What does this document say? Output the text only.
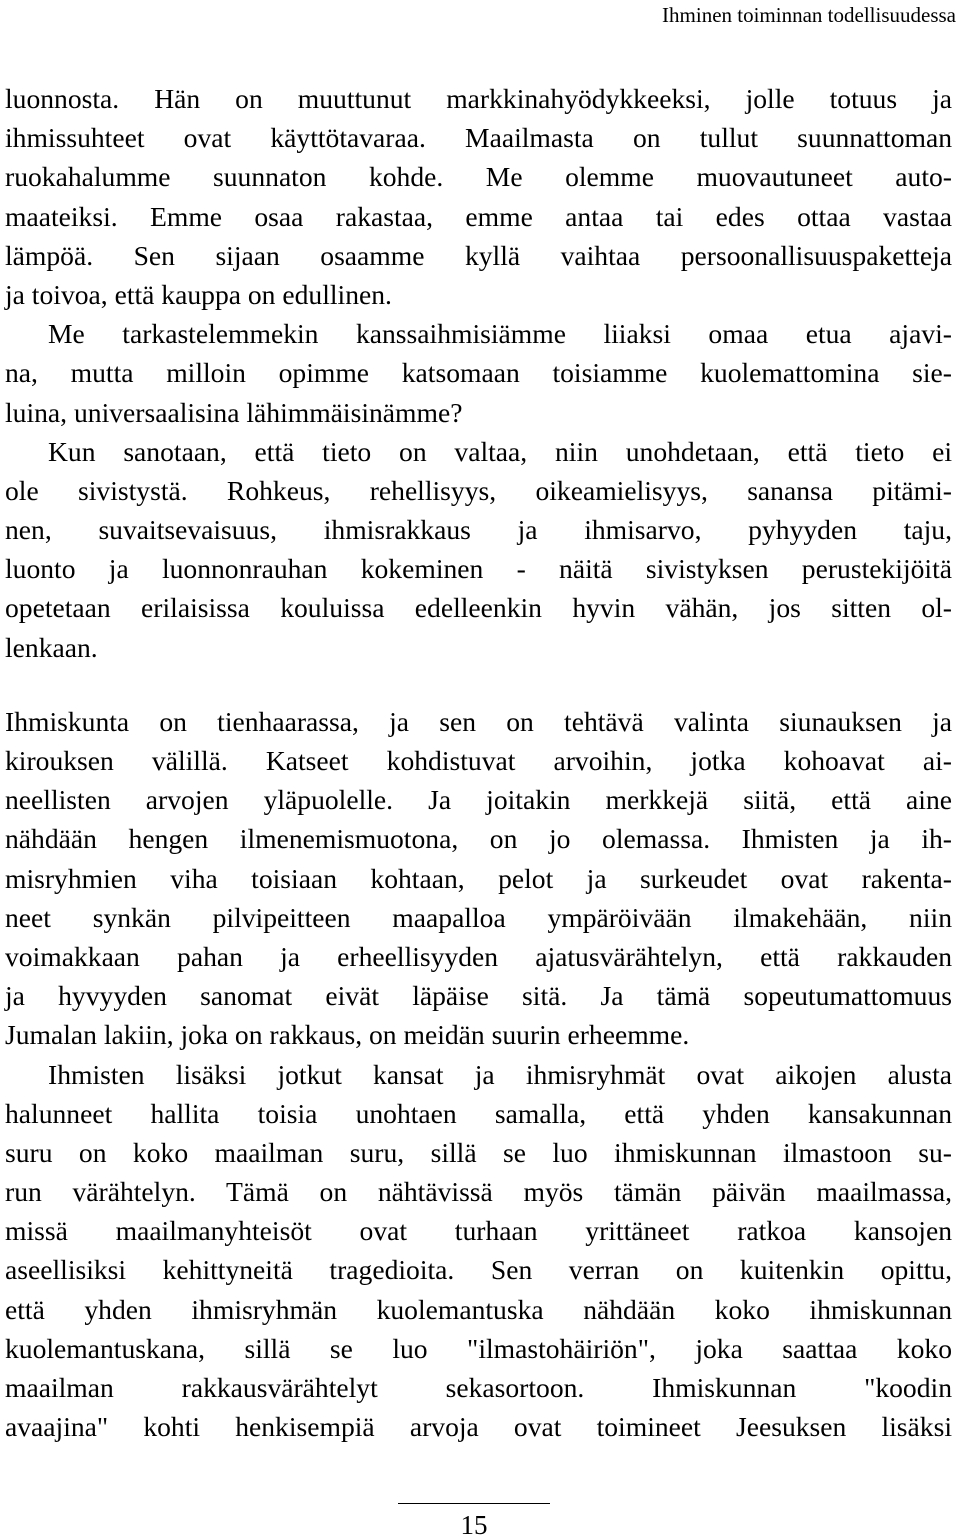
Ihminen toiminnan todellisuudessa
luonnosta. Hän on muuttunut markkinahyödykkeeksi, jolle totuus ja
ihmissuhteet ovat käyttötavaraa. Maailmasta on tullut suunnattoman
ruokahalumme suunnaton kohde. Me olemme muovautuneet auto-
maateiksi. Emme osaa rakastaa, emme antaa tai edes ottaa vastaa
lämpöä. Sen sijaan osaamme kyllä vaihtaa persoonallisuuspaketteja
ja toivoa, että kauppa on edullinen.
Me tarkastelemmekin kanssaihmisiämme liiaksi omaa etua ajavi-
na, mutta milloin opimme katsomaan toisiamme kuolemattomina sie-
luina, universaalisina lähimmäisinämme?
Kun sanotaan, että tieto on valtaa, niin unohdetaan, että tieto ei
ole sivistystä. Rohkeus, rehellisyys, oikeamielisyys, sanansa pitämi-
nen, suvaitsevaisuus, ihmisrakkaus ja ihmisarvo, pyhyyden taju,
luonto ja luonnonrauhan kokeminen - näitä sivistyksen perustekijöitä
opetetaan erilaisissa kouluissa edelleenkin hyvin vähän, jos sitten ol-
lenkaan.
Ihmiskunta on tienhaarassa, ja sen on tehtävä valinta siunauksen ja
kirouksen välillä. Katseet kohdistuvat arvoihin, jotka kohoavat ai-
neellisten arvojen yläpuolelle. Ja joitakin merkkejä siitä, että aine
nähdään hengen ilmenemismuotona, on jo olemassa. Ihmisten ja ih-
misryhmien viha toisiaan kohtaan, pelot ja surkeudet ovat rakenta-
neet synkän pilvipeitteen maapalloa ympäröivään ilmakehään, niin
voimakkaan pahan ja erheellisyyden ajatusvärähtelyn, että rakkauden
ja hyvyyden sanomat eivät läpäise sitä. Ja tämä sopeutumattomuus
Jumalan lakiin, joka on rakkaus, on meidän suurin erheemme.
Ihmisten lisäksi jotkut kansat ja ihmisryhmät ovat aikojen alusta
halunneet hallita toisia unohtaen samalla, että yhden kansakunnan
suru on koko maailman suru, sillä se luo ihmiskunnan ilmastoon su-
run värähtelyn. Tämä on nähtävissä myös tämän päivän maailmassa,
missä maailmanyhteisöt ovat turhaan yrittäneet ratkoa kansojen
aseellisiksi kehittyneitä tragedioita. Sen verran on kuitenkin opittu,
että yhden ihmisryhmän kuolemantuska nähdään koko ihmiskunnan
kuolemantuskana, sillä se luo "ilmastohäiriön", joka saattaa koko
maailman rakkausvärähtelyt sekasortoon. Ihmiskunnan "koodin
avaajina" kohti henkisempiä arvoja ovat toimineet Jeesuksen lisäksi
15
